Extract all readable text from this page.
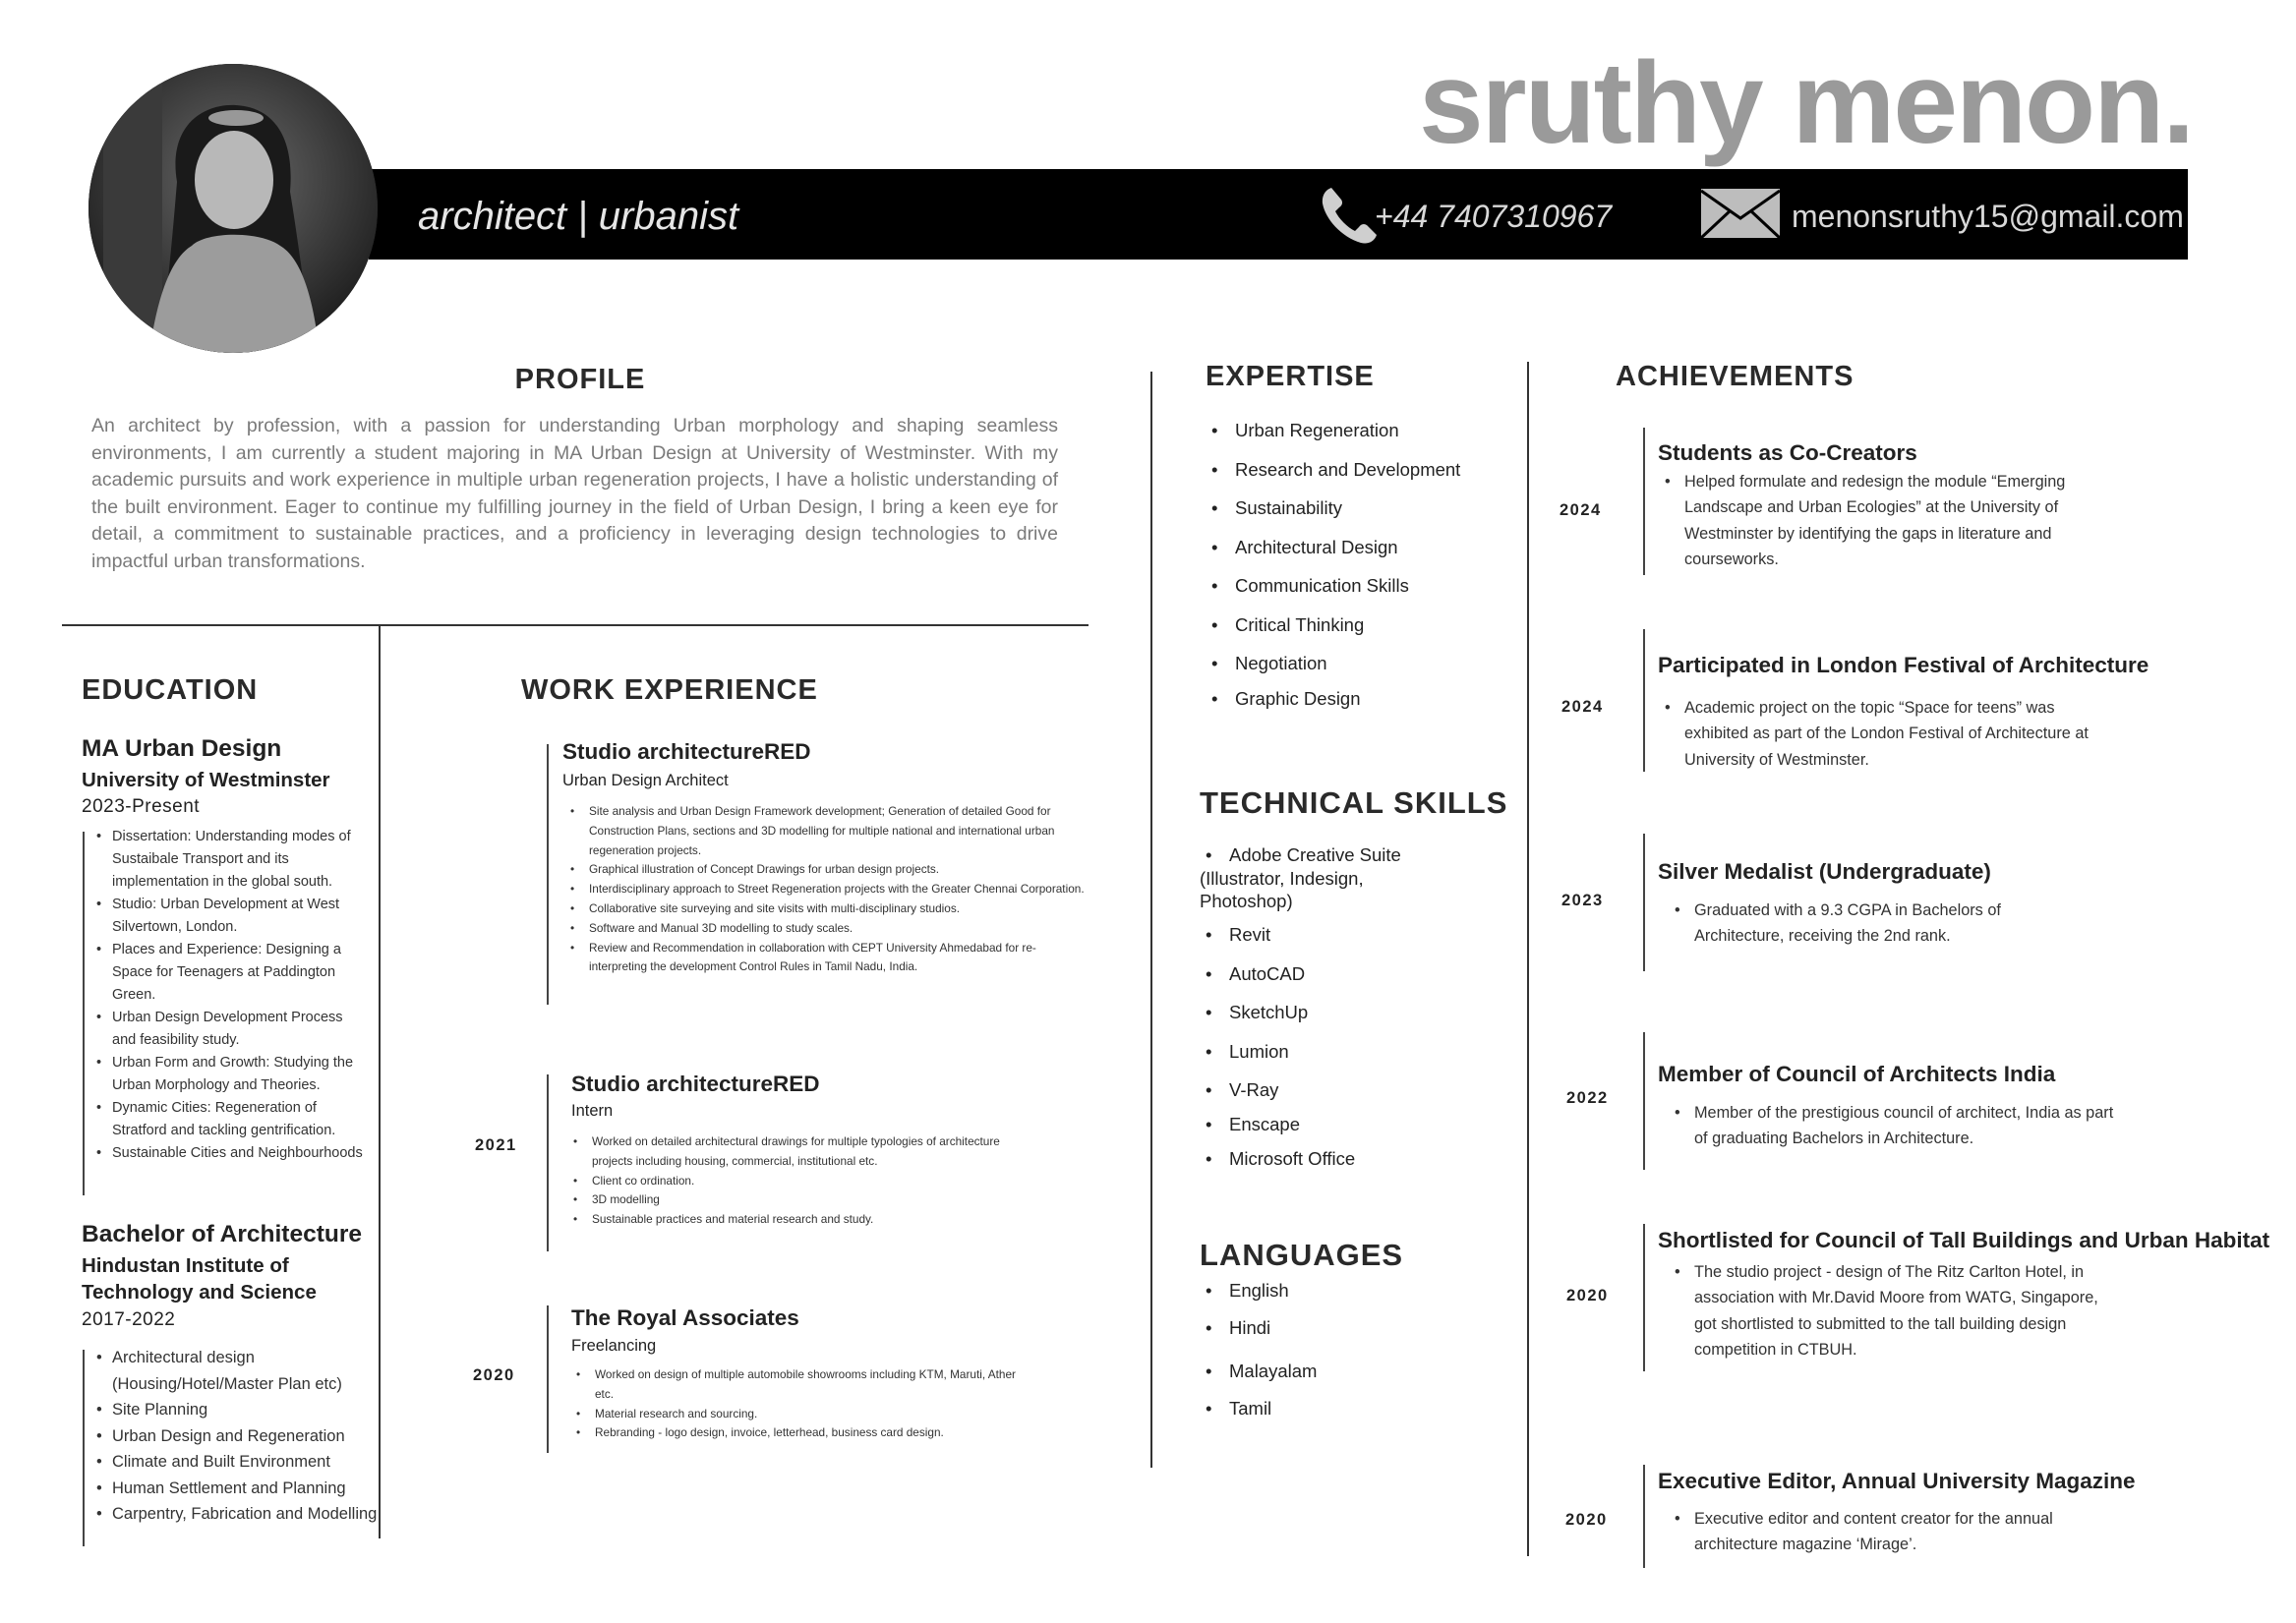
sruthy menon.
architect | urbanist	+44 7407310967	menonsruthy15@gmail.com
PROFILE
An architect by profession, with a passion for understanding Urban morphology and shaping seamless environments, I am currently a student majoring in MA Urban Design at University of Westminster. With my academic pursuits and work experience in multiple urban regeneration projects, I have a holistic understanding of the built environment. Eager to continue my fulfilling journey in the field of Urban Design, I bring a keen eye for detail, a commitment to sustainable practices, and a proficiency in leveraging design technologies to drive impactful urban transformations.
EDUCATION
MA Urban Design
University of Westminster
2023-Present
• Dissertation: Understanding modes of Sustaibale Transport and its implementation in the global south.
• Studio: Urban Development at West Silvertown, London.
• Places and Experience: Designing a Space for Teenagers at Paddington Green.
• Urban Design Development Process and feasibility study.
• Urban Form and Growth: Studying the Urban Morphology and Theories.
• Dynamic Cities: Regeneration of Stratford and tackling gentrification.
• Sustainable Cities and Neighbourhoods
Bachelor of Architecture
Hindustan Institute of Technology and Science
2017-2022
• Architectural design (Housing/Hotel/Master Plan etc)
• Site Planning
• Urban Design and Regeneration
• Climate and Built Environment
• Human Settlement and Planning
• Carpentry, Fabrication and Modelling
WORK EXPERIENCE
Studio architectureRED
Urban Design Architect
• Site analysis and Urban Design Framework development; Generation of detailed Good for Construction Plans, sections and 3D modelling for multiple national and international urban regeneration projects.
• Graphical illustration of Concept Drawings for urban design projects.
• Interdisciplinary approach to Street Regeneration projects with the Greater Chennai Corporation.
• Collaborative site surveying and site visits with multi-disciplinary studios.
• Software and Manual 3D modelling to study scales.
• Review and Recommendation in collaboration with CEPT University Ahmedabad for re-interpreting the development Control Rules in Tamil Nadu, India.
2021
Studio architectureRED
Intern
• Worked on detailed architectural drawings for multiple typologies of architecture projects including housing, commercial, institutional etc.
• Client co ordination.
• 3D modelling
• Sustainable practices and material research and study.
2020
The Royal Associates
Freelancing
• Worked on design of multiple automobile showrooms including KTM, Maruti, Ather etc.
• Material research and sourcing.
• Rebranding - logo design, invoice, letterhead, business card design.
EXPERTISE
• Urban Regeneration
• Research and Development
• Sustainability
• Architectural Design
• Communication Skills
• Critical Thinking
• Negotiation
• Graphic Design
TECHNICAL SKILLS
• Adobe Creative Suite
(Illustrator, Indesign,
Photoshop)
• Revit
• AutoCAD
• SketchUp
• Lumion
• V-Ray
• Enscape
• Microsoft Office
LANGUAGES
• English
• Hindi
• Malayalam
• Tamil
ACHIEVEMENTS
2024
Students as Co-Creators
• Helped formulate and redesign the module “Emerging Landscape and Urban Ecologies” at the University of Westminster by identifying the gaps in literature and courseworks.
2024
Participated in London Festival of Architecture
• Academic project on the topic “Space for teens” was exhibited as part of the London Festival of Architecture at University of Westminster.
2023
Silver Medalist (Undergraduate)
• Graduated with a 9.3 CGPA in Bachelors of Architecture, receiving the 2nd rank.
2022
Member of Council of Architects India
• Member of the prestigious council of architect, India as part of graduating Bachelors in Architecture.
2020
Shortlisted for Council of Tall Buildings and Urban Habitat
• The studio project - design of The Ritz Carlton Hotel, in association with Mr.David Moore from WATG, Singapore, got shortlisted to submitted to the tall building design competition in CTBUH.
2020
Executive Editor, Annual University Magazine
• Executive editor and content creator for the annual architecture magazine ‘Mirage’.
